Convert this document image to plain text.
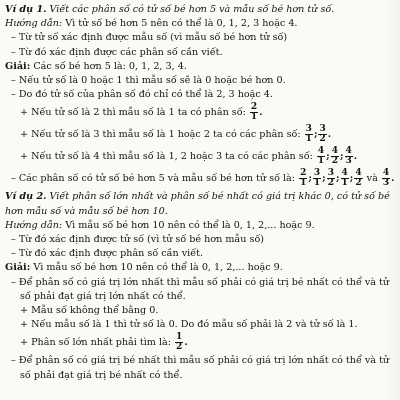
Ví dụ 1. Viết các phân số có tử số bé hơn 5 và mẫu số bé hơn tử số.
Hướng dẫn: Vì tử số bé hơn 5 nên có thể là 0, 1, 2, 3 hoặc 4.
– Từ tử số xác định được mẫu số (vì mẫu số bé hơn tử số)
– Từ đó xác định được các phân số cần viết.
Giải: Các số bé hơn 5 là: 0, 1, 2, 3, 4.
– Nếu tử số là 0 hoặc 1 thì mẫu số sẽ là 0 hoặc bé hơn 0.
– Do đó tử số của phân số đó chỉ có thể là 2, 3 hoặc 4.
+ Nếu tử số là 2 thì mẫu số là 1 ta có phân số: $\frac{2}{1}$ .
+ Nếu tử số là 3 thì mẫu số là 1 hoặc 2 ta có các phân số: $\frac{3}{1}$ ; $\frac{3}{2}$ .
+ Nếu tử số là 4 thì mẫu số là 1, 2 hoặc 3 ta có các phân số: $\frac{4}{1}$ ; $\frac{4}{2}$ ; $\frac{4}{3}$ .
– Các phân số có tử số bé hơn 5 và mẫu số bé hơn tử số là: $\frac{2}{1}$ ; $\frac{3}{1}$ ; $\frac{3}{2}$ ; $\frac{4}{1}$ ; $\frac{4}{2}$ và $\frac{4}{3}$ .
Ví dụ 2. Viết phân số lớn nhất và phân số bé nhất có giá trị khác 0, có tử số bé
hơn mẫu số và mẫu số bé hơn 10.
Hướng dẫn: Vì mẫu số bé hơn 10 nên có thể là 0, 1, 2,... hoặc 9.
– Từ đó xác định được tử số (vì tử số bé hơn mẫu số)
– Từ đó xác định được phân số cần viết.
Giải: Vì mẫu số bé hơn 10 nên có thể là 0, 1, 2,... hoặc 9.
– Để phân số có giá trị lớn nhất thì mẫu số phải có giá trị bé nhất có thể và tử
số phải đạt giá trị lớn nhất có thể.
+ Mẫu số không thể bằng 0.
+ Nếu mẫu số là 1 thì tử số là 0. Do đó mẫu số phải là 2 và tử số là 1.
+ Phân số lớn nhất phải tìm là: $\frac{1}{2}$ .
– Để phân số có giá trị bé nhất thì mẫu số phải có giá trị lớn nhất có thể và tử
số phải đạt giá trị bé nhất có thể.
